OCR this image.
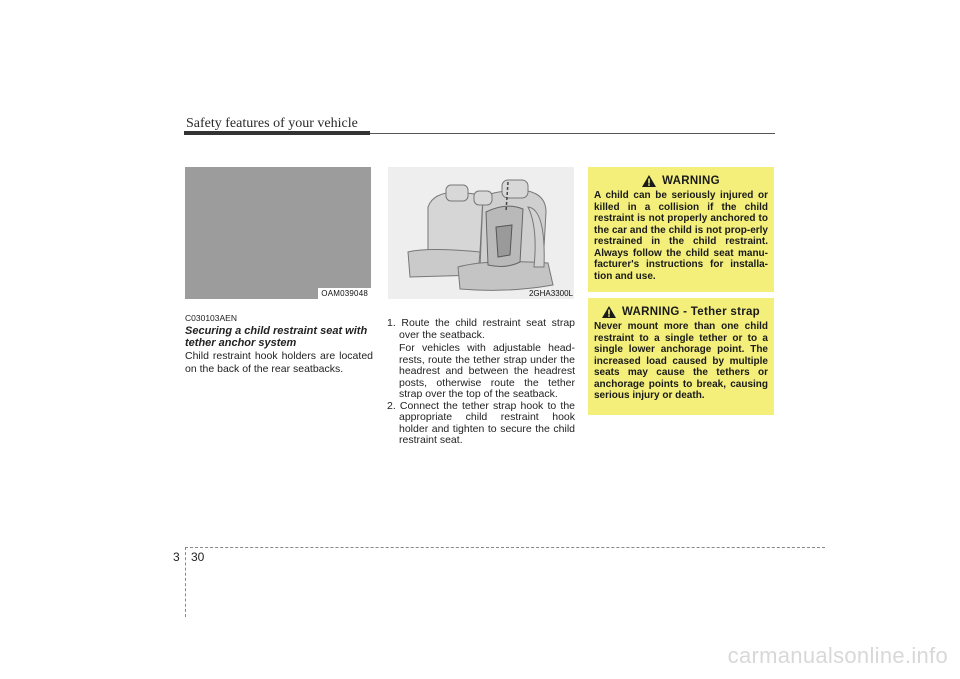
Safety features of your vehicle
OAM039048
C030103AEN
Securing a child restraint seat with tether anchor system
Child restraint hook holders are located on the back of the rear seatbacks.
2GHA3300L
1. Route the child restraint seat strap over the seatback.
For vehicles with adjustable head-rests, route the tether strap under the headrest and between the headrest posts, otherwise route the tether strap over the top of the seatback.
2. Connect the tether strap hook to the appropriate child restraint hook holder and tighten to secure the child restraint seat.
WARNING
A child can be seriously injured or killed in a collision if the child restraint is not properly anchored to the car and the child is not prop-erly restrained in the child restraint. Always follow the child seat manu-facturer's instructions for installa-tion and use.
WARNING - Tether strap
Never mount more than one child restraint to a single tether or to a single lower anchorage point. The increased load caused by multiple seats may cause the tethers or anchorage points to break, causing serious injury or death.
3 30
carmanualsonline.info
